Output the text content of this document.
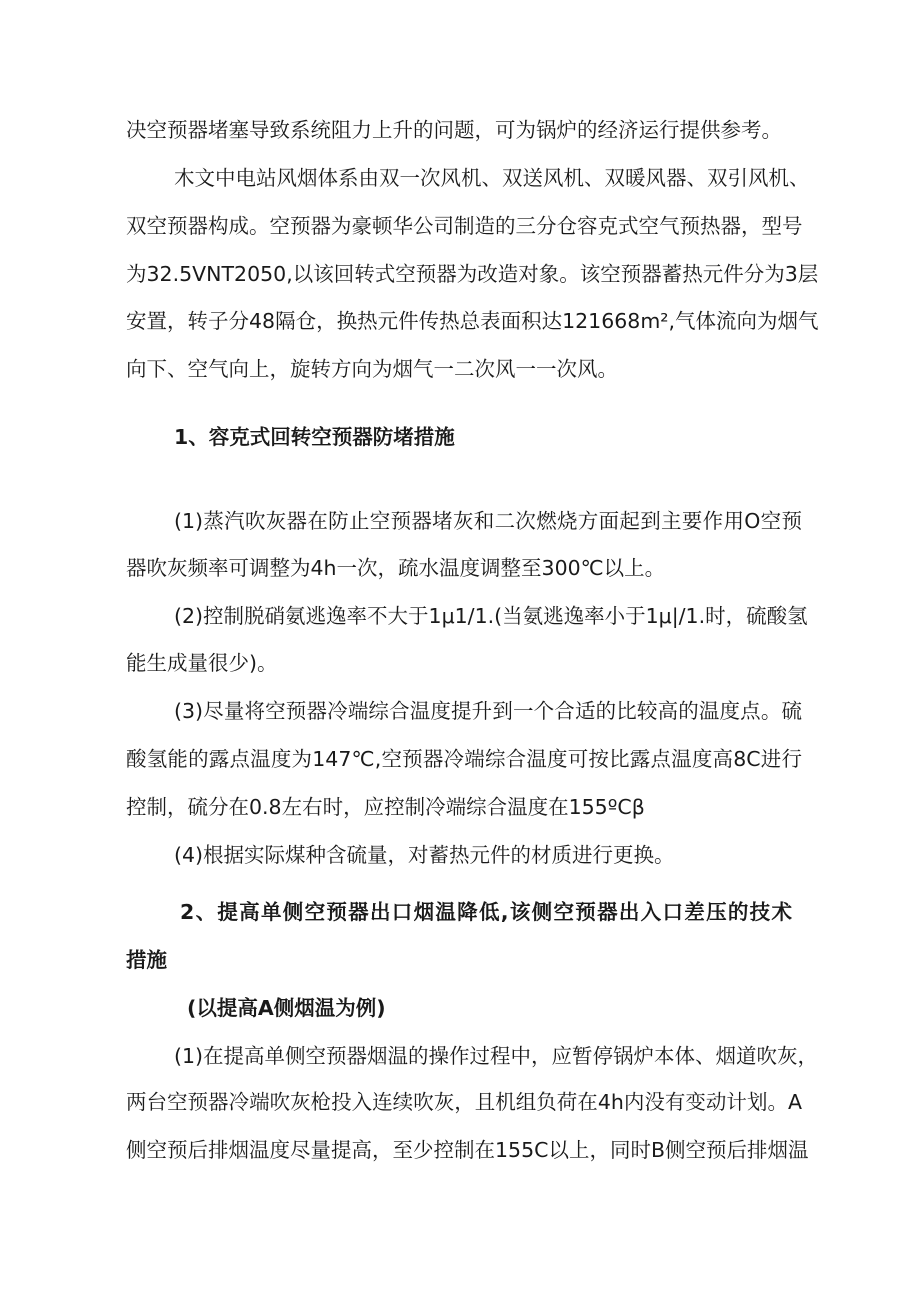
决空预器堵塞导致系统阻力上升的问题，可为锅炉的经济运行提供参考。
木文中电站风烟体系由双一次风机、双送风机、双暖风器、双引风机、
双空预器构成。空预器为豪顿华公司制造的三分仓容克式空气预热器，型号
为32.5VNT2050,以该回转式空预器为改造对象。该空预器蓄热元件分为3层
安置，转子分48隔仓，换热元件传热总表面积达121668m²,气体流向为烟气
向下、空气向上，旋转方向为烟气一二次风一一次风。
1、容克式回转空预器防堵措施
(1)蒸汽吹灰器在防止空预器堵灰和二次燃烧方面起到主要作用O空预
器吹灰频率可调整为4h一次，疏水温度调整至300℃以上。
(2)控制脱硝氨逃逸率不大于1μ1∕1.(当氨逃逸率小于1μ|∕1.时，硫酸氢
能生成量很少)。
(3)尽量将空预器冷端综合温度提升到一个合适的比较高的温度点。硫
酸氢能的露点温度为147℃,空预器冷端综合温度可按比露点温度高8C进行
控制，硫分在0.8左右时，应控制冷端综合温度在155ºCβ
(4)根据实际煤种含硫量，对蓄热元件的材质进行更换。
2、提高单侧空预器出口烟温降低,该侧空预器出入口差压的技术
措施
(以提高A侧烟温为例)
(1)在提高单侧空预器烟温的操作过程中，应暂停锅炉本体、烟道吹灰，
两台空预器冷端吹灰枪投入连续吹灰，且机组负荷在4h内没有变动计划。A
侧空预后排烟温度尽量提高，至少控制在155C以上，同时B侧空预后排烟温
